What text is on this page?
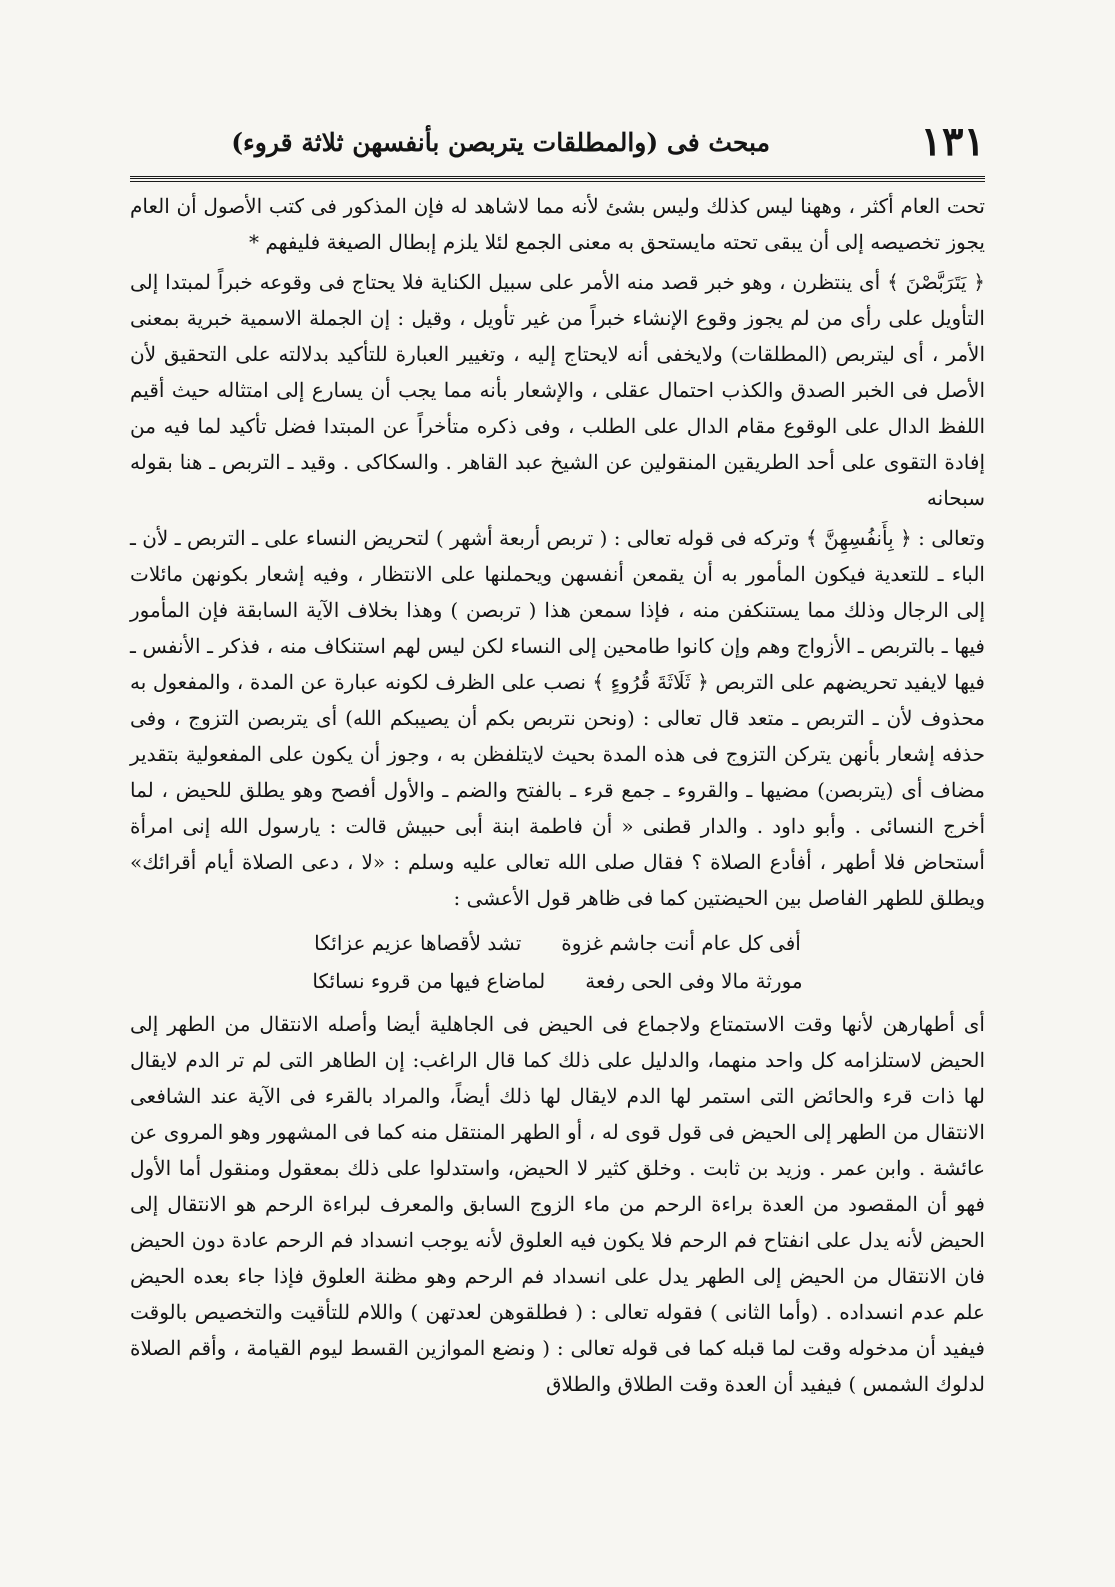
١٣١
مبحث فى (والمطلقات يتربصن بأنفسهن ثلاثة قروء)

تحت العام أكثر ، وههنا ليس كذلك وليس بشئ لأنه مما لاشاهد له فإن المذكور فى كتب الأصول أن العام يجوز تخصيصه إلى أن يبقى تحته مايستحق به معنى الجمع لئلا يلزم إبطال الصيغة فليفهم *

﴿ يَتَرَبَّصْنَ ﴾ أى ينتظرن ، وهو خبر قصد منه الأمر على سبيل الكناية فلا يحتاج فى وقوعه خبراً لمبتدا إلى التأويل على رأى من لم يجوز وقوع الإنشاء خبراً من غير تأويل ، وقيل : إن الجملة الاسمية خبرية بمعنى الأمر ، أى ليتربص (المطلقات) ولايخفى أنه لايحتاج إليه ، وتغيير العبارة للتأكيد بدلالته على التحقيق لأن الأصل فى الخبر الصدق والكذب احتمال عقلى ، والإشعار بأنه مما يجب أن يسارع إلى امتثاله حيث أقيم اللفظ الدال على الوقوع مقام الدال على الطلب ، وفى ذكره متأخراً عن المبتدا فضل تأكيد لما فيه من إفادة التقوى على أحد الطريقين المنقولين عن الشيخ عبد القاهر . والسكاكى . وقيد ـ التربص ـ هنا بقوله سبحانه

وتعالى : ﴿ بِأَنفُسِهِنَّ ﴾ وتركه فى قوله تعالى : ( تربص أربعة أشهر ) لتحريض النساء على ـ التربص ـ لأن ـ الباء ـ للتعدية فيكون المأمور به أن يقمعن أنفسهن ويحملنها على الانتظار ، وفيه إشعار بكونهن مائلات إلى الرجال وذلك مما يستنكفن منه ، فإذا سمعن هذا ( تربصن ) وهذا بخلاف الآية السابقة فإن المأمور فيها ـ بالتربص ـ الأزواج وهم وإن كانوا طامحين إلى النساء لكن ليس لهم استنكاف منه ، فذكر ـ الأنفس ـ فيها لايفيد تحريضهم على التربص ﴿ ثَلَاثَةَ قُرُوءٍ ﴾ نصب على الظرف لكونه عبارة عن المدة ، والمفعول به محذوف لأن ـ التربص ـ متعد قال تعالى : (ونحن نتربص بكم أن يصيبكم الله) أى يتربصن التزوج ، وفى حذفه إشعار بأنهن يتركن التزوج فى هذه المدة بحيث لايتلفظن به ، وجوز أن يكون على المفعولية بتقدير مضاف أى (يتربصن) مضيها ـ والقروء ـ جمع قرء ـ بالفتح والضم ـ والأول أفصح وهو يطلق للحيض ، لما أخرج النسائى . وأبو داود . والدار قطنى « أن فاطمة ابنة أبى حبيش قالت : يارسول الله إنى امرأة أستحاض فلا أطهر ، أفأدع الصلاة ؟ فقال صلى الله تعالى عليه وسلم : «لا ، دعى الصلاة أيام أقرائك» ويطلق للطهر الفاصل بين الحيضتين كما فى ظاهر قول الأعشى :

أفى كل عام أنت جاشم غزوة
تشد لأقصاها عزيم عزائكا
مورثة مالا وفى الحى رفعة
لماضاع فيها من قروء نسائكا

أى أطهارهن لأنها وقت الاستمتاع ولاجماع فى الحيض فى الجاهلية أيضا وأصله الانتقال من الطهر إلى الحيض لاستلزامه كل واحد منهما، والدليل على ذلك كما قال الراغب: إن الطاهر التى لم تر الدم لايقال لها ذات قرء والحائض التى استمر لها الدم لايقال لها ذلك أيضاً، والمراد بالقرء فى الآية عند الشافعى الانتقال من الطهر إلى الحيض فى قول قوى له ، أو الطهر المنتقل منه كما فى المشهور وهو المروى عن عائشة . وابن عمر . وزيد بن ثابت . وخلق كثير لا الحيض، واستدلوا على ذلك بمعقول ومنقول أما الأول فهو أن المقصود من العدة براءة الرحم من ماء الزوج السابق والمعرف لبراءة الرحم هو الانتقال إلى الحيض لأنه يدل على انفتاح فم الرحم فلا يكون فيه العلوق لأنه يوجب انسداد فم الرحم عادة دون الحيض فان الانتقال من الحيض إلى الطهر يدل على انسداد فم الرحم وهو مظنة العلوق فإذا جاء بعده الحيض علم عدم انسداده . (وأما الثانى ) فقوله تعالى : ( فطلقوهن لعدتهن ) واللام للتأقيت والتخصيص بالوقت فيفيد أن مدخوله وقت لما قبله كما فى قوله تعالى : ( ونضع الموازين القسط ليوم القيامة ، وأقم الصلاة لدلوك الشمس ) فيفيد أن العدة وقت الطلاق والطلاق
